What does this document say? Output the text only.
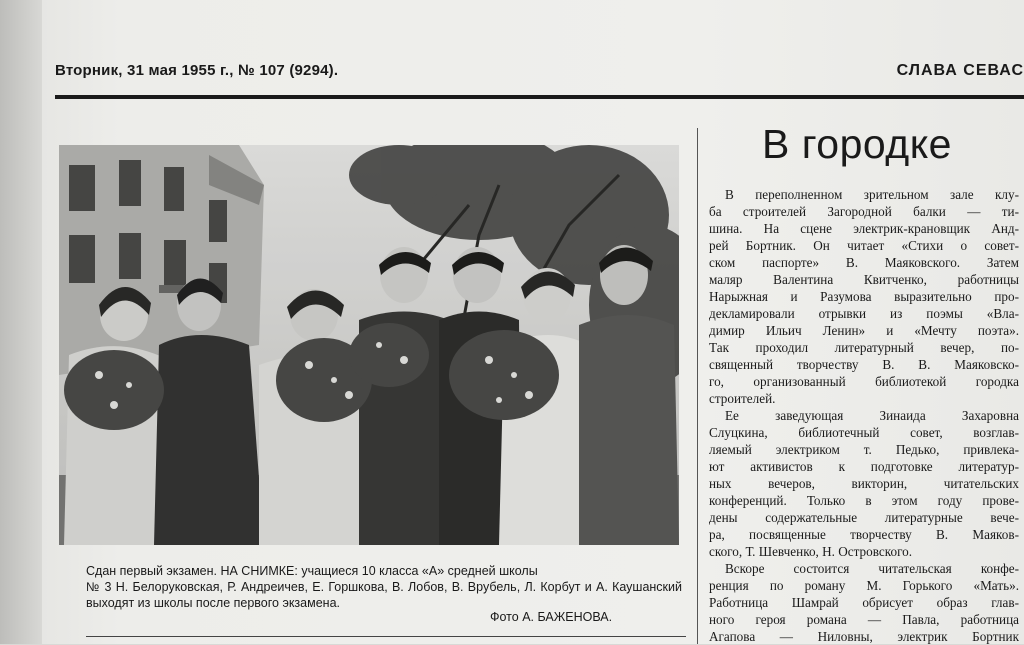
Вторник, 31 мая 1955 г., № 107 (9294).	СЛАВА СЕВАС
Сдан первый экзамен. НА СНИМКЕ: учащиеся 10 класса «А» средней школы
№ 3 Н. Белоруковская, Р. Андреичев, Е. Горшкова, В. Лобов, В. Врубель, Л. Корбут и А. Каушанский выходят из школы после первого экзамена.
Фото А. БАЖЕНОВА.
В городке
В переполненном зрительном зале клу-
ба строителей Загородной балки — ти-
шина. На сцене электрик-крановщик Анд-
рей Бортник. Он читает «Стихи о совет-
ском паспорте» В. Маяковского. Затем
маляр Валентина Квитченко, работницы
Нарыжная и Разумова выразительно про-
декламировали отрывки из поэмы «Вла-
димир Ильич Ленин» и «Мечту поэта».
Так проходил литературный вечер, по-
священный творчеству В. В. Маяковско-
го, организованный библиотекой городка
строителей.
Ее заведующая Зинаида Захаровна
Слуцкина, библиотечный совет, возглав-
ляемый электриком т. Педько, привлека-
ют активистов к подготовке литератур-
ных вечеров, викторин, читательских
конференций. Только в этом году прове-
дены содержательные литературные вече-
ра, посвященные творчеству В. Маяков-
ского, Т. Шевченко, Н. Островского.
Вскоре состоится читательская конфе-
ренция по роману М. Горького «Мать».
Работница Шамрай обрисует образ глав-
ного героя романа — Павла, работница
Агапова — Ниловны, электрик Бортник
